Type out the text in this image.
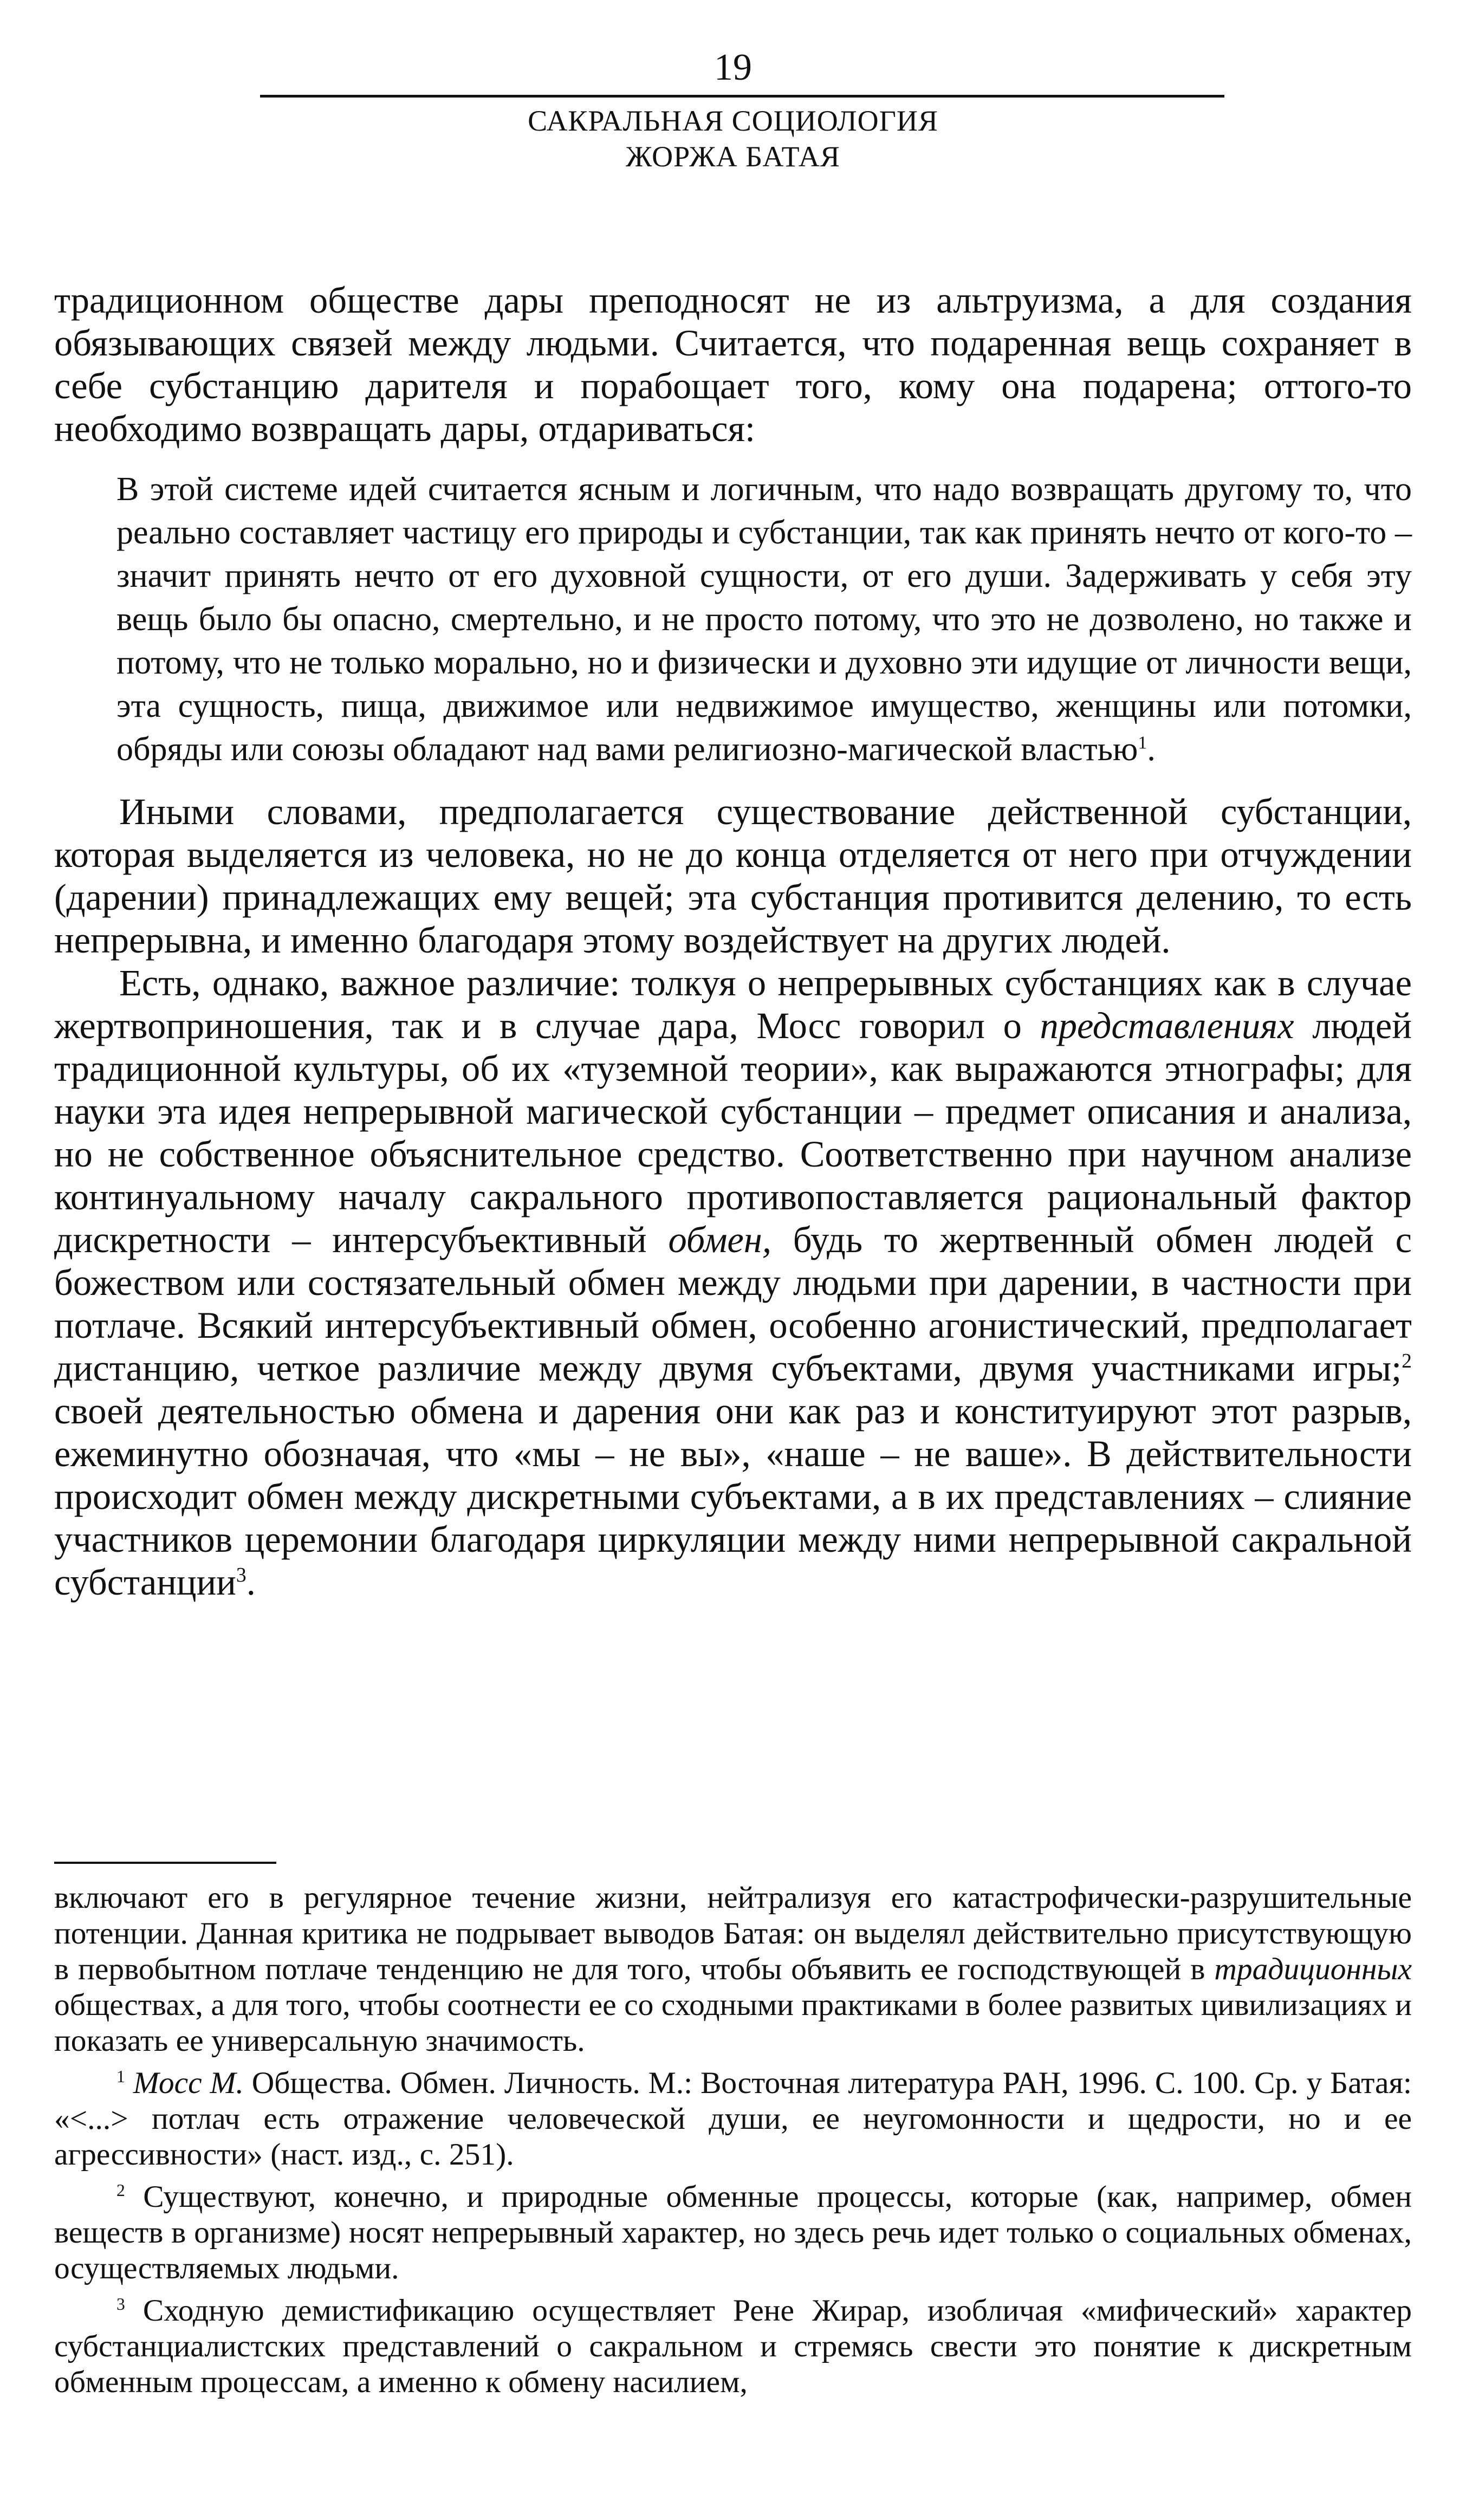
19
САКРАЛЬНАЯ СОЦИОЛОГИЯ
ЖОРЖА БАТАЯ

традиционном обществе дары преподносят не из альтруизма, а для создания обязывающих связей между людьми. Считается, что подаренная вещь сохраняет в себе субстанцию дарителя и порабощает того, кому она подарена; оттого-то необходимо возвращать дары, отдариваться:

В этой системе идей считается ясным и логичным, что надо возвращать другому то, что реально составляет частицу его природы и субстанции, так как принять нечто от кого-то – значит принять нечто от его духовной сущности, от его души. Задерживать у себя эту вещь было бы опасно, смертельно, и не просто потому, что это не дозволено, но также и потому, что не только морально, но и физически и духовно эти идущие от личности вещи, эта сущность, пища, движимое или недвижимое имущество, женщины или потомки, обряды или союзы обладают над вами религиозно-магической властью$^1$.

Иными словами, предполагается существование действенной субстанции, которая выделяется из человека, но не до конца отделяется от него при отчуждении (дарении) принадлежащих ему вещей; эта субстанция противится делению, то есть непрерывна, и именно благодаря этому воздействует на других людей.

Есть, однако, важное различие: толкуя о непрерывных субстанциях как в случае жертвоприношения, так и в случае дара, Мосс говорил о представлениях людей традиционной культуры, об их «туземной теории», как выражаются этнографы; для науки эта идея непрерывной магической субстанции – предмет описания и анализа, но не собственное объяснительное средство. Соответственно при научном анализе континуальному началу сакрального противопоставляется рациональный фактор дискретности – интерсубъективный обмен, будь то жертвенный обмен людей с божеством или состязательный обмен между людьми при дарении, в частности при потлаче. Всякий интерсубъективный обмен, особенно агонистический, предполагает дистанцию, четкое различие между двумя субъектами, двумя участниками игры;$^2$ своей деятельностью обмена и дарения они как раз и конституируют этот разрыв, ежеминутно обозначая, что «мы – не вы», «наше – не ваше». В действительности происходит обмен между дискретными субъектами, а в их представлениях – слияние участников церемонии благодаря циркуляции между ними непрерывной сакральной субстанции$^3$.

включают его в регулярное течение жизни, нейтрализуя его катастрофически-разрушительные потенции. Данная критика не подрывает выводов Батая: он выделял действительно присутствующую в первобытном потлаче тенденцию не для того, чтобы объявить ее господствующей в традиционных обществах, а для того, чтобы соотнести ее со сходными практиками в более развитых цивилизациях и показать ее универсальную значимость.

$^1$ Мосс М. Общества. Обмен. Личность. М.: Восточная литература РАН, 1996. С. 100. Ср. у Батая: «<...> потлач есть отражение человеческой души, ее неугомонности и щедрости, но и ее агрессивности» (наст. изд., с. 251).

$^2$ Существуют, конечно, и природные обменные процессы, которые (как, например, обмен веществ в организме) носят непрерывный характер, но здесь речь идет только о социальных обменах, осуществляемых людьми.

$^3$ Сходную демистификацию осуществляет Рене Жирар, изобличая «мифический» характер субстанциалистских представлений о сакральном и стремясь свести это понятие к дискретным обменным процессам, а именно к обмену насилием,
